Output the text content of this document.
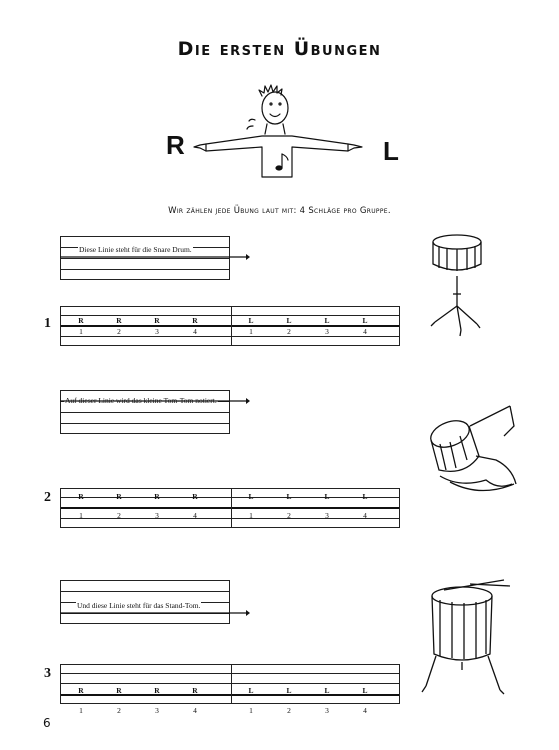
Die ersten Übungen
R	L
Wir zählen jede Übung laut mit: 4 Schläge pro Gruppe.
Diese Linie steht für die Snare Drum.
1
Auf dieser Linie wird das kleine Tom-Tom notiert.
2
Und diese Linie steht für das Stand-Tom.
3
6
R	R	R	R	L	L	L	L
1	2	3	4	1	2	3	4
R	R	R	R	L	L	L	L
1	2	3	4	1	2	3	4
R	R	R	R	L	L	L	L
1	2	3	4	1	2	3	4
